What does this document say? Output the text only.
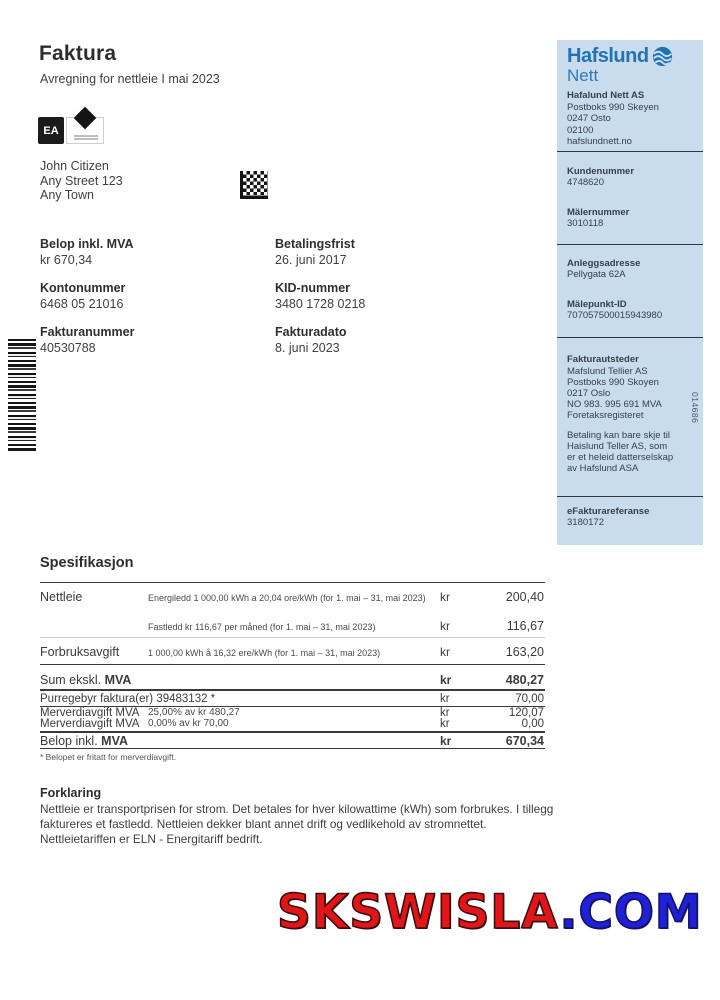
Faktura
Avregning for nettleie I mai 2023
EA
John Citizen
Any Street 123
Any Town
Belop inkl. MVA
kr 670,34
Betalingsfrist
26. juni 2017
Kontonummer
6468 05 21016
KID-nummer
3480 1728 0218
Fakturanummer
40530788
Fakturadato
8. juni 2023
Hafslund
Nett
Hafalund Nett AS
Postboks 990 Skeyen
0247 Osto
02100
hafslundnett.no
Kundenummer
4748620
Mälernummer
3010118
Anleggsadresse
Pellygata 62A
Mälepunkt-ID
707057500015943980
Fakturautsteder
Mafslund Tellier AS
Postboks 990 Skoyen
0217 Oslo
NO 983. 995 691 MVA
Foretaksregisteret
Betaling kan bare skje til
Haislund Teller AS, som
er et heleid datterselskap
av Hafslund ASA
014686
eFakturareferanse
3180172
Spesifikasjon
Nettleie	Energiledd 1 000,00 kWh a 20,04 ore/kWh (for 1. mai – 31, mai 2023)	kr	200,40
Fastledd kr 116,67 per måned (for 1. mai – 31, mai 2023)	kr	116,67
Forbruksavgift	1 000,00 kWh å 16,32 ere/kWh (for 1. mai – 31, mai 2023)	kr	163,20
Sum ekskl. MVA	kr	480,27
Purregebyr faktura(er) 39483132 *	kr	70,00
Merverdiavgift MVA 25,00% av kr 480,27	kr	120,07
Merverdiavgift MVA 0,00% av kr 70,00	kr	0,00
Belop inkl. MVA	kr	670,34
* Belopet er fritatt for merverdiavgift.
Forklaring
Nettleie er transportprisen for strom. Det betales for hver kilowattime (kWh) som forbrukes. I tillegg
faktureres et fastledd. Nettleien dekker blant annet drift og vedlikehold av stromnettet.
Nettleietariffen er ELN - Energitariff bedrift.
SKSWISLA.COM
